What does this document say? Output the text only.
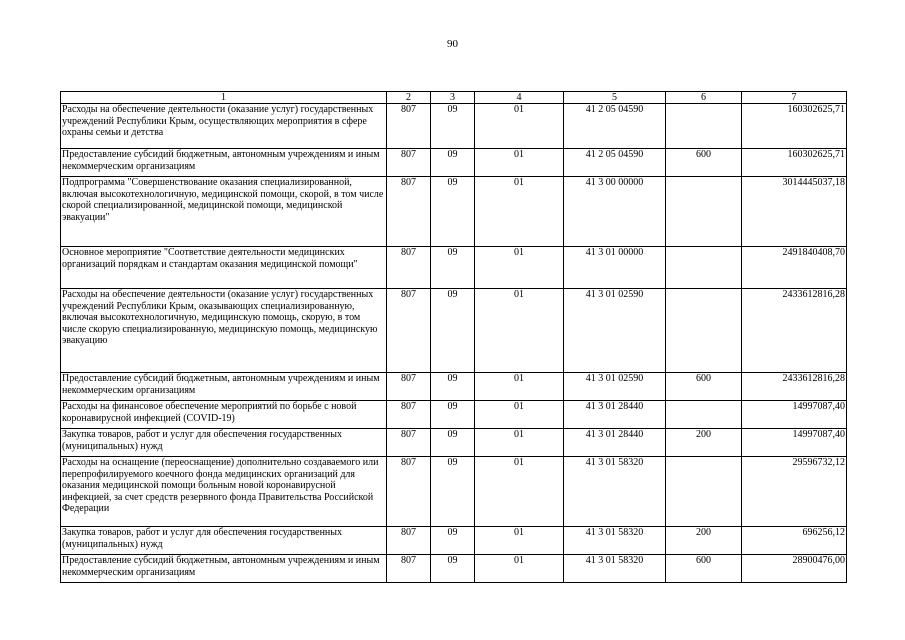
90
1	2	3	4	5	6	7
Расходы на обеспечение деятельности (оказание услуг) государственных учреждений Республики Крым, осуществляющих мероприятия в сфере охраны семьи и детства	807	09	01	41 2 05 04590		160302625,71
Предоставление субсидий бюджетным, автономным учреждениям и иным некоммерческим организациям	807	09	01	41 2 05 04590	600	160302625,71
Подпрограмма "Совершенствование оказания специализированной, включая высокотехнологичную, медицинской помощи, скорой, в том числе скорой специализированной, медицинской помощи, медицинской эвакуации"	807	09	01	41 3 00 00000		3014445037,18
Основное мероприятие "Соответствие деятельности медицинских организаций порядкам и стандартам оказания медицинской помощи"	807	09	01	41 3 01 00000		2491840408,70
Расходы на обеспечение деятельности (оказание услуг) государственных учреждений Республики Крым, оказывающих специализированную, включая высокотехнологичную, медицинскую помощь, скорую, в том числе скорую специализированную, медицинскую помощь, медицинскую эвакуацию	807	09	01	41 3 01 02590		2433612816,28
Предоставление субсидий бюджетным, автономным учреждениям и иным некоммерческим организациям	807	09	01	41 3 01 02590	600	2433612816,28
Расходы на финансовое обеспечение мероприятий по борьбе с новой коронавирусной инфекцией (COVID-19)	807	09	01	41 3 01 28440		14997087,40
Закупка товаров, работ и услуг для обеспечения государственных (муниципальных) нужд	807	09	01	41 3 01 28440	200	14997087,40
Расходы на оснащение (переоснащение) дополнительно создаваемого или перепрофилируемого коечного фонда медицинских организаций для оказания медицинской помощи больным новой коронавирусной инфекцией, за счет средств резервного фонда Правительства Российской Федерации	807	09	01	41 3 01 58320		29596732,12
Закупка товаров, работ и услуг для обеспечения государственных (муниципальных) нужд	807	09	01	41 3 01 58320	200	696256,12
Предоставление субсидий бюджетным, автономным учреждениям и иным некоммерческим организациям	807	09	01	41 3 01 58320	600	28900476,00
